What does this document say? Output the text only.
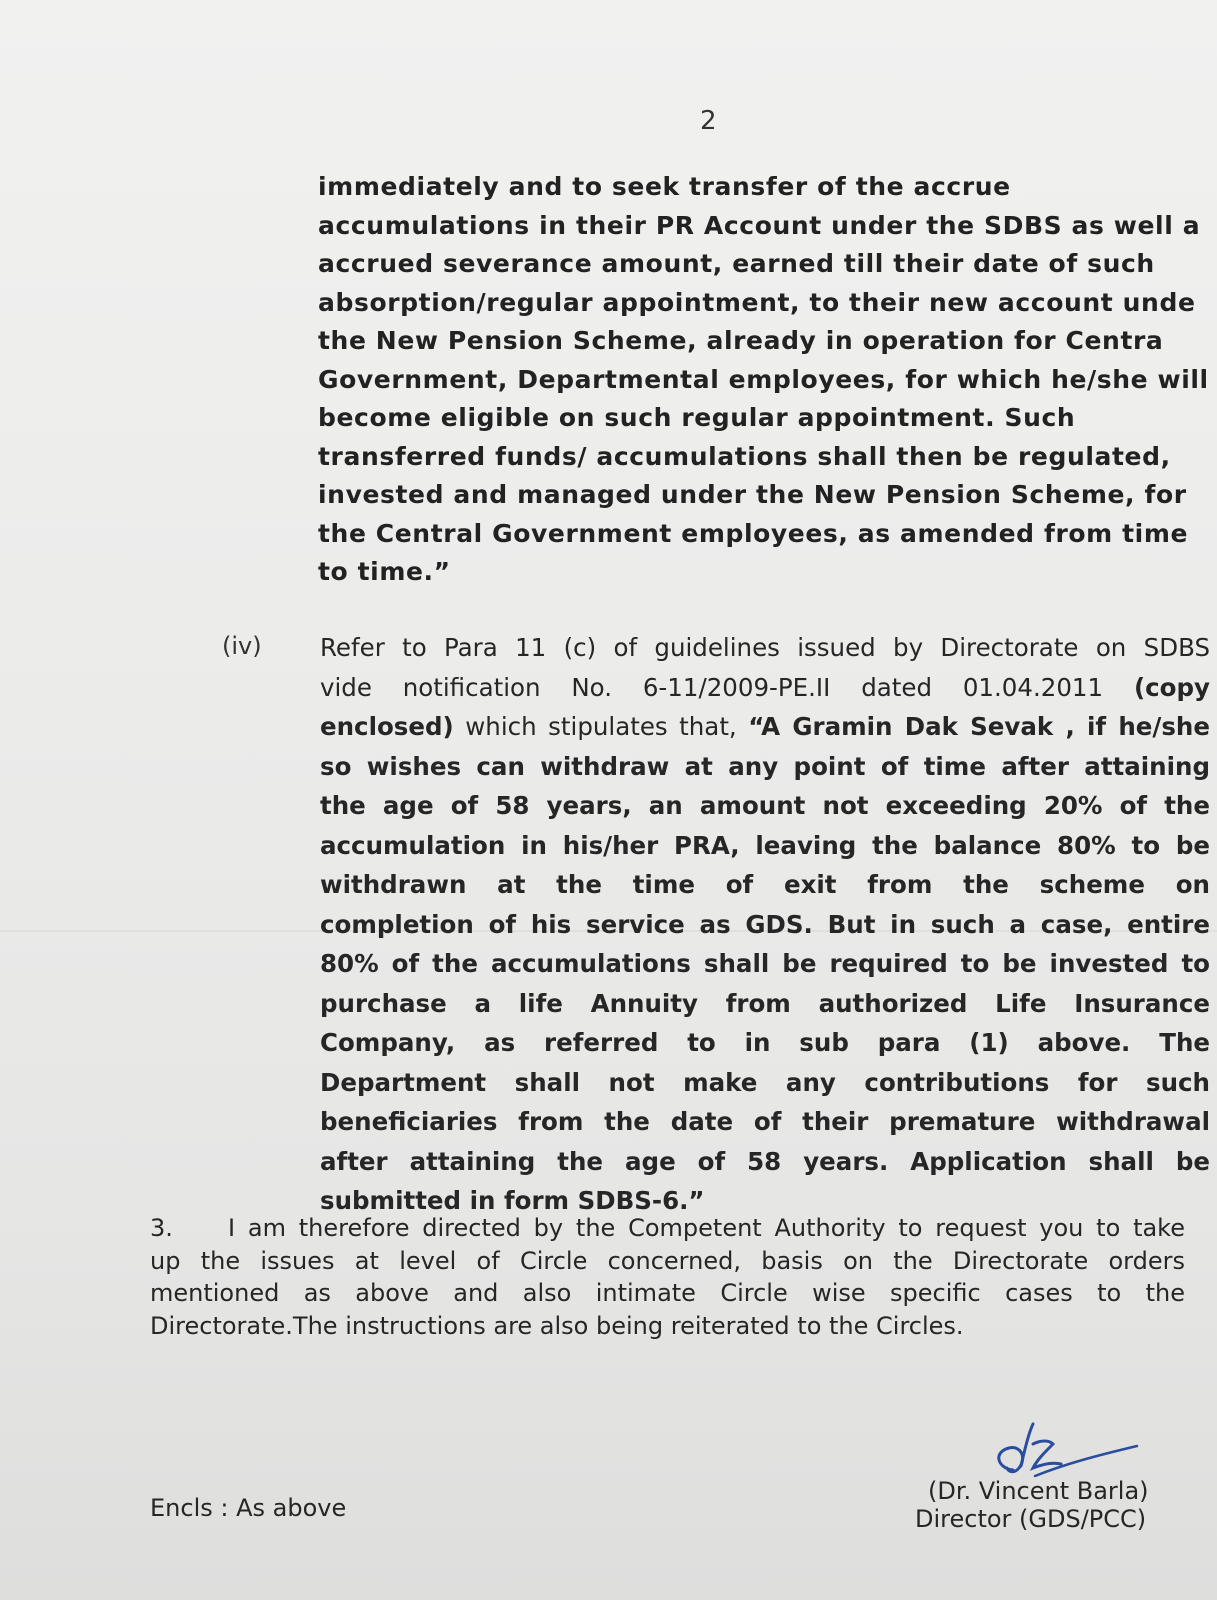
2
immediately and to seek transfer of the accrue
accumulations in their PR Account under the SDBS as well a
accrued severance amount, earned till their date of such
absorption/regular appointment, to their new account unde
the New Pension Scheme, already in operation for Centra
Government, Departmental employees, for which he/she will
become eligible on such regular appointment. Such
transferred funds/ accumulations shall then be regulated,
invested and managed under the New Pension Scheme, for
the Central Government employees, as amended from time
to time.”
(iv) Refer to Para 11 (c) of guidelines issued by Directorate on SDBS
vide notification No. 6-11/2009-PE.II dated 01.04.2011 (copy
enclosed) which stipulates that, “A Gramin Dak Sevak , if he/she
so wishes can withdraw at any point of time after attaining
the age of 58 years, an amount not exceeding 20% of the
accumulation in his/her PRA, leaving the balance 80% to be
withdrawn at the time of exit from the scheme on
completion of his service as GDS. But in such a case, entire
80% of the accumulations shall be required to be invested to
purchase a life Annuity from authorized Life Insurance
Company, as referred to in sub para (1) above. The
Department shall not make any contributions for such
beneficiaries from the date of their premature withdrawal
after attaining the age of 58 years. Application shall be
submitted in form SDBS-6.”
3. I am therefore directed by the Competent Authority to request you to take
up the issues at level of Circle concerned, basis on the Directorate orders
mentioned as above and also intimate Circle wise specific cases to the
Directorate.The instructions are also being reiterated to the Circles.
Encls : As above
(Dr. Vincent Barla)
Director (GDS/PCC)
